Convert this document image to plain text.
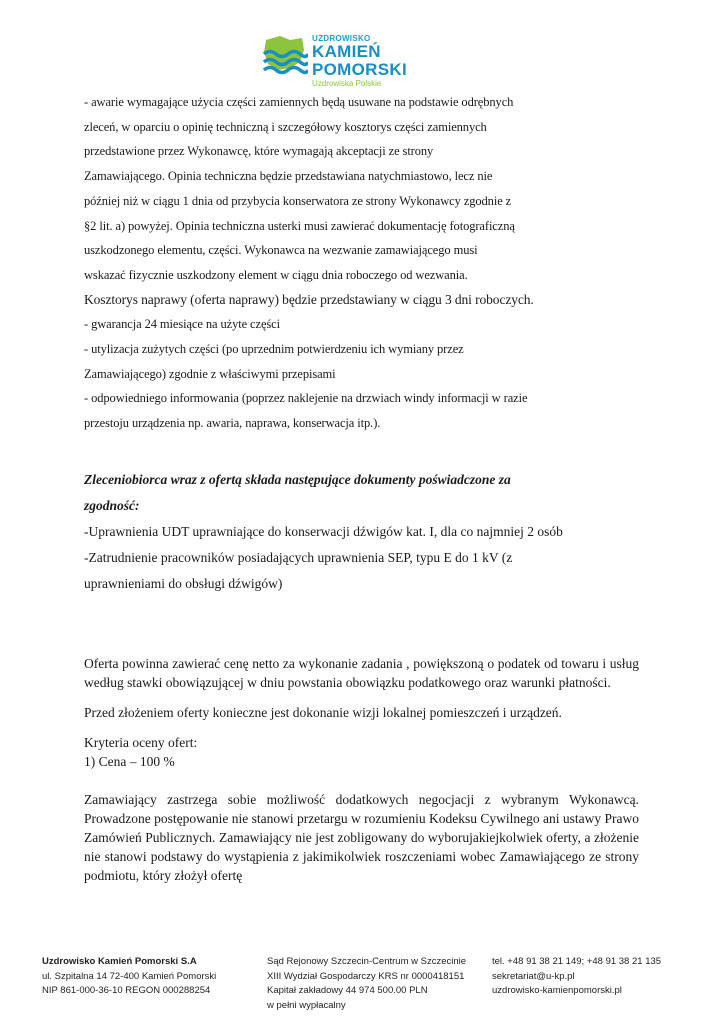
UZDROWISKO
KAMIEŃ POMORSKI
Uzdrowiska Polskie

- awarie wymagające użycia części zamiennych będą usuwane na podstawie odrębnych

zleceń, w oparciu o opinię techniczną i szczegółowy kosztorys części zamiennych

przedstawione przez Wykonawcę, które wymagają akceptacji ze strony

Zamawiającego. Opinia techniczna będzie przedstawiana natychmiastowo, lecz nie

później niż w ciągu 1 dnia od przybycia konserwatora ze strony Wykonawcy zgodnie z

§2 lit. a) powyżej. Opinia techniczna usterki musi zawierać dokumentację fotograficzną

uszkodzonego elementu, części. Wykonawca na wezwanie zamawiającego musi

wskazać fizycznie uszkodzony element w ciągu dnia roboczego od wezwania.

Kosztorys naprawy (oferta naprawy) będzie przedstawiany w ciągu 3 dni roboczych.

- gwarancja 24 miesiące na użyte części

- utylizacja zużytych części (po uprzednim potwierdzeniu ich wymiany przez

Zamawiającego) zgodnie z właściwymi przepisami

- odpowiedniego informowania (poprzez naklejenie na drzwiach windy informacji w razie

przestoju urządzenia np. awaria, naprawa, konserwacja itp.).

Zleceniobiorca wraz z ofertą składa następujące dokumenty poświadczone za

zgodność:

-Uprawnienia UDT uprawniające do konserwacji dźwigów kat. I, dla co najmniej 2 osób

-Zatrudnienie pracowników posiadających uprawnienia SEP, typu E do 1 kV (z

uprawnieniami do obsługi dźwigów)

Oferta powinna zawierać cenę netto za wykonanie zadania , powiększoną o podatek od towaru i usług według stawki obowiązującej w dniu powstania obowiązku podatkowego oraz warunki płatności.

Przed złożeniem oferty konieczne jest dokonanie wizji lokalnej pomieszczeń i urządzeń.

Kryteria oceny ofert:

1) Cena – 100 %

Zamawiający zastrzega sobie możliwość dodatkowych negocjacji z wybranym Wykonawcą. Prowadzone postępowanie nie stanowi przetargu w rozumieniu Kodeksu Cywilnego ani ustawy Prawo Zamówień Publicznych. Zamawiający nie jest zobligowany do wyborujakiejkolwiek oferty, a złożenie nie stanowi podstawy do wystąpienia z jakimikolwiek roszczeniami wobec Zamawiającego ze strony podmiotu, który złożył ofertę

Uzdrowisko Kamień Pomorski S.A
ul. Szpitalna 14 72-400 Kamień Pomorski
NIP 861-000-36-10 REGON 000288254
Sąd Rejonowy Szczecin-Centrum w Szczecinie
XIII Wydział Gospodarczy KRS nr 0000418151
Kapitał zakładowy 44 974 500.00 PLN
w pełni wypłacalny
tel. +48 91 38 21 149; +48 91 38 21 135
sekretariat@u-kp.pl
uzdrowisko-kamienpomorski.pl
